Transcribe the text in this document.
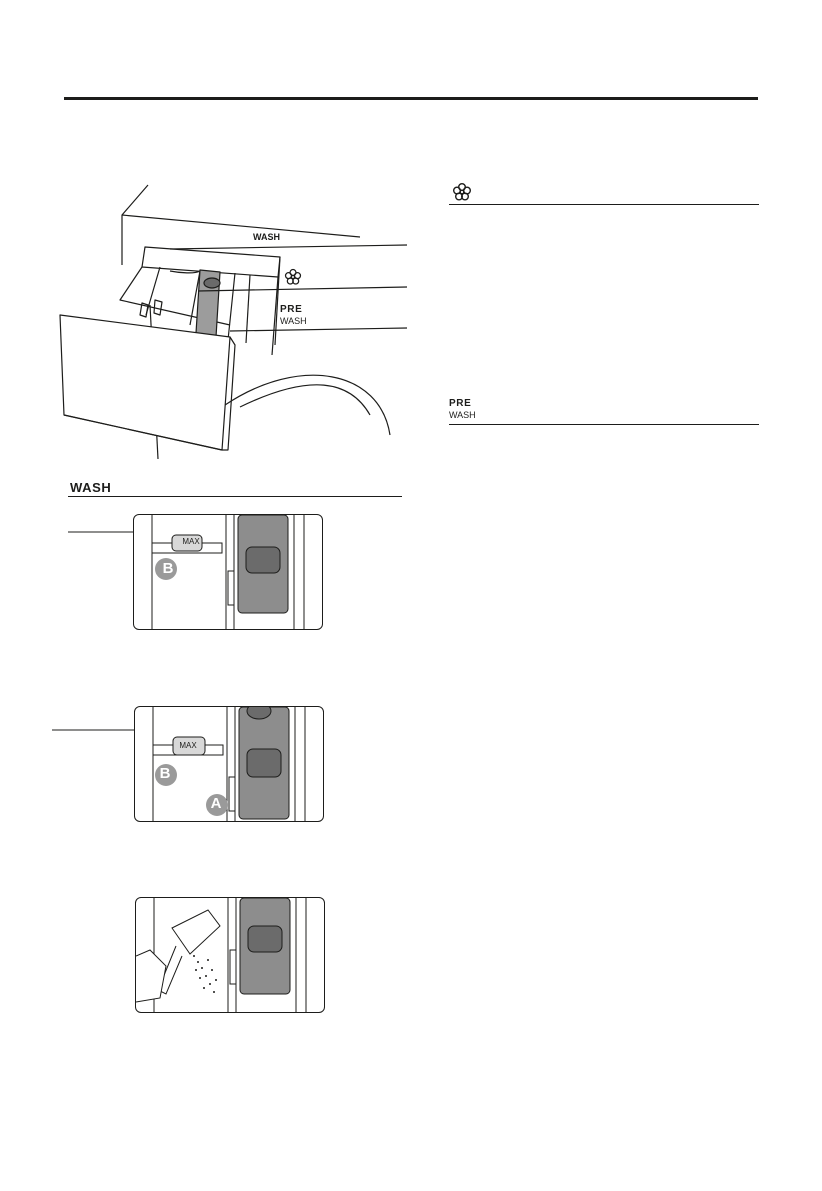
WASH
PRE
WASH
PRE
WASH
WASH
MAX
B
MAX
B
A
